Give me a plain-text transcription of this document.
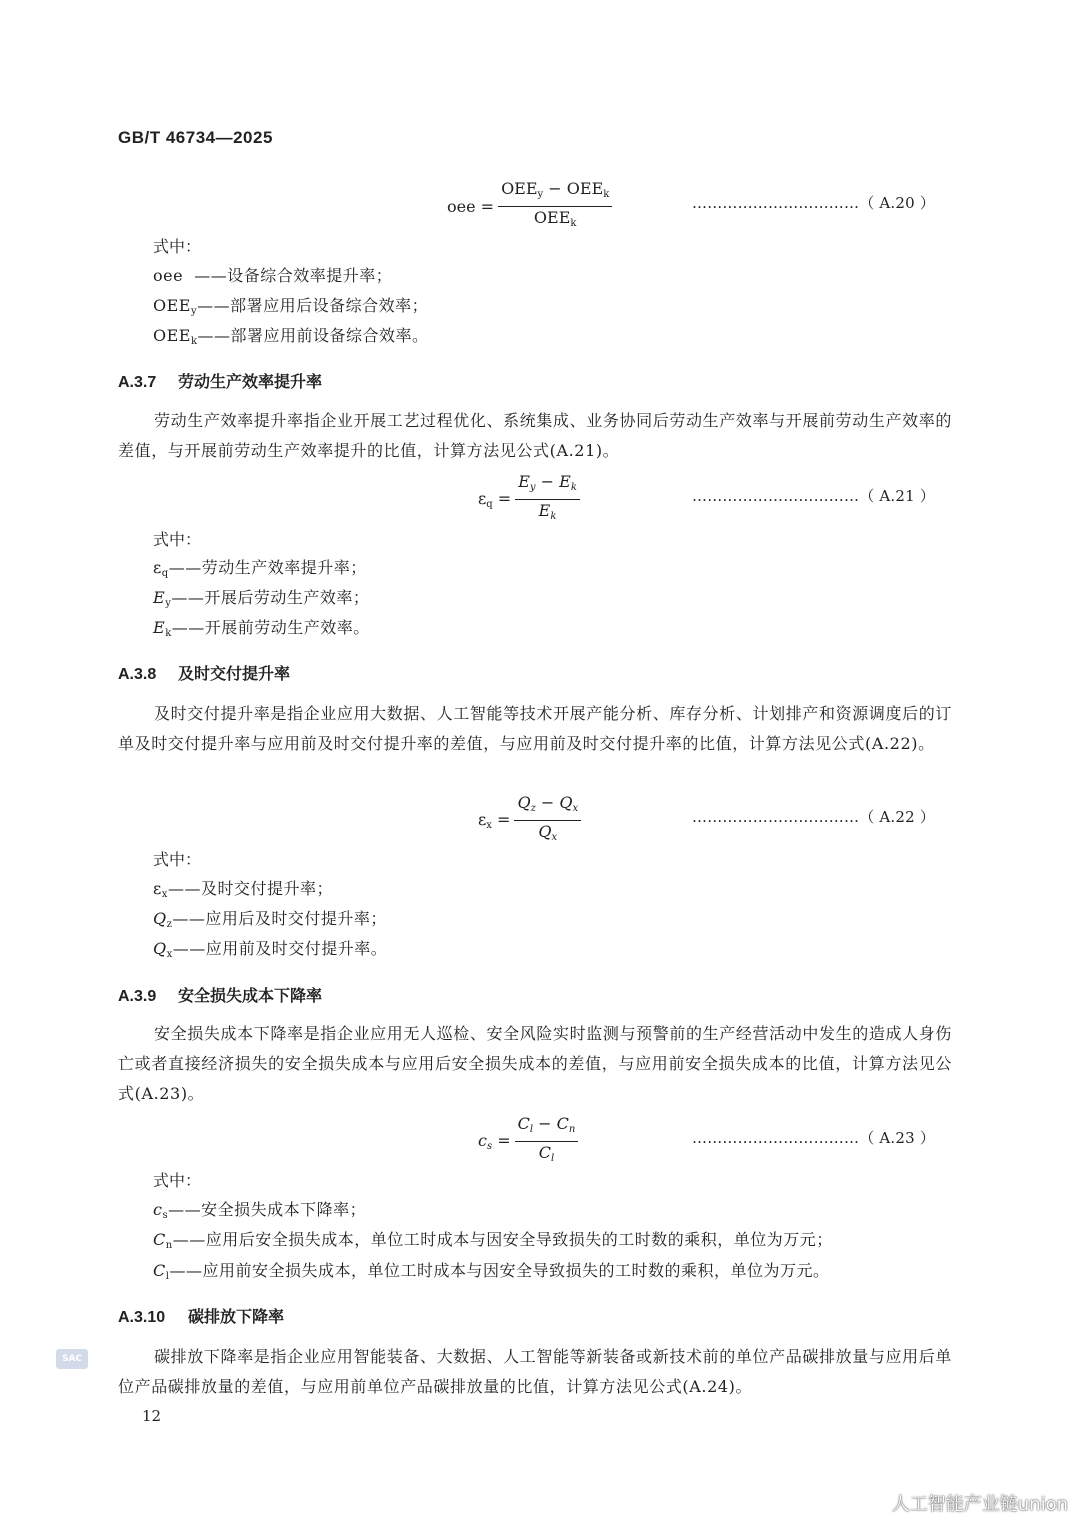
GB/T 46734—2025
oee = $\frac{OEE_y - OEE_k}{OEE_k}$	……………………………（ A.20 ）
式中：
oee  ——设备综合效率提升率；
$OEE_y——$部署应用后设备综合效率；
$OEE_k——$部署应用前设备综合效率。
A.3.7 劳动生产效率提升率
劳动生产效率提升率指企业开展工艺过程优化、系统集成、业务协同后劳动生产效率与开展前劳动生产效率的差值，与开展前劳动生产效率提升的比值，计算方法见公式(A.21)。
$\varepsilon_q = \frac{E_y - E_k}{E_k}$	……………………………（ A.21 ）
式中：
$\varepsilon_q——$劳动生产效率提升率；
$E_y——$开展后劳动生产效率；
$E_k——$开展前劳动生产效率。
A.3.8 及时交付提升率
及时交付提升率是指企业应用大数据、人工智能等技术开展产能分析、库存分析、计划排产和资源调度后的订单及时交付提升率与应用前及时交付提升率的差值，与应用前及时交付提升率的比值，计算方法见公式(A.22)。
$\varepsilon_x = \frac{Q_z - Q_x}{Q_x}$	……………………………（ A.22 ）
式中：
$\varepsilon_x——$及时交付提升率；
$Q_z——$应用后及时交付提升率；
$Q_x——$应用前及时交付提升率。
A.3.9 安全损失成本下降率
安全损失成本下降率是指企业应用无人巡检、安全风险实时监测与预警前的生产经营活动中发生的造成人身伤亡或者直接经济损失的安全损失成本与应用后安全损失成本的差值，与应用前安全损失成本的比值，计算方法见公式(A.23)。
$c_s = \frac{C_l - C_n}{C_l}$	……………………………（ A.23 ）
式中：
$c_s——$安全损失成本下降率；
$C_n——$应用后安全损失成本，单位工时成本与因安全导致损失的工时数的乘积，单位为万元；
$C_l——$应用前安全损失成本，单位工时成本与因安全导致损失的工时数的乘积，单位为万元。
A.3.10 碳排放下降率
碳排放下降率是指企业应用智能装备、大数据、人工智能等新装备或新技术前的单位产品碳排放量与应用后单位产品碳排放量的差值，与应用前单位产品碳排放量的比值，计算方法见公式(A.24)。
SAC
12
人工智能产业链union
